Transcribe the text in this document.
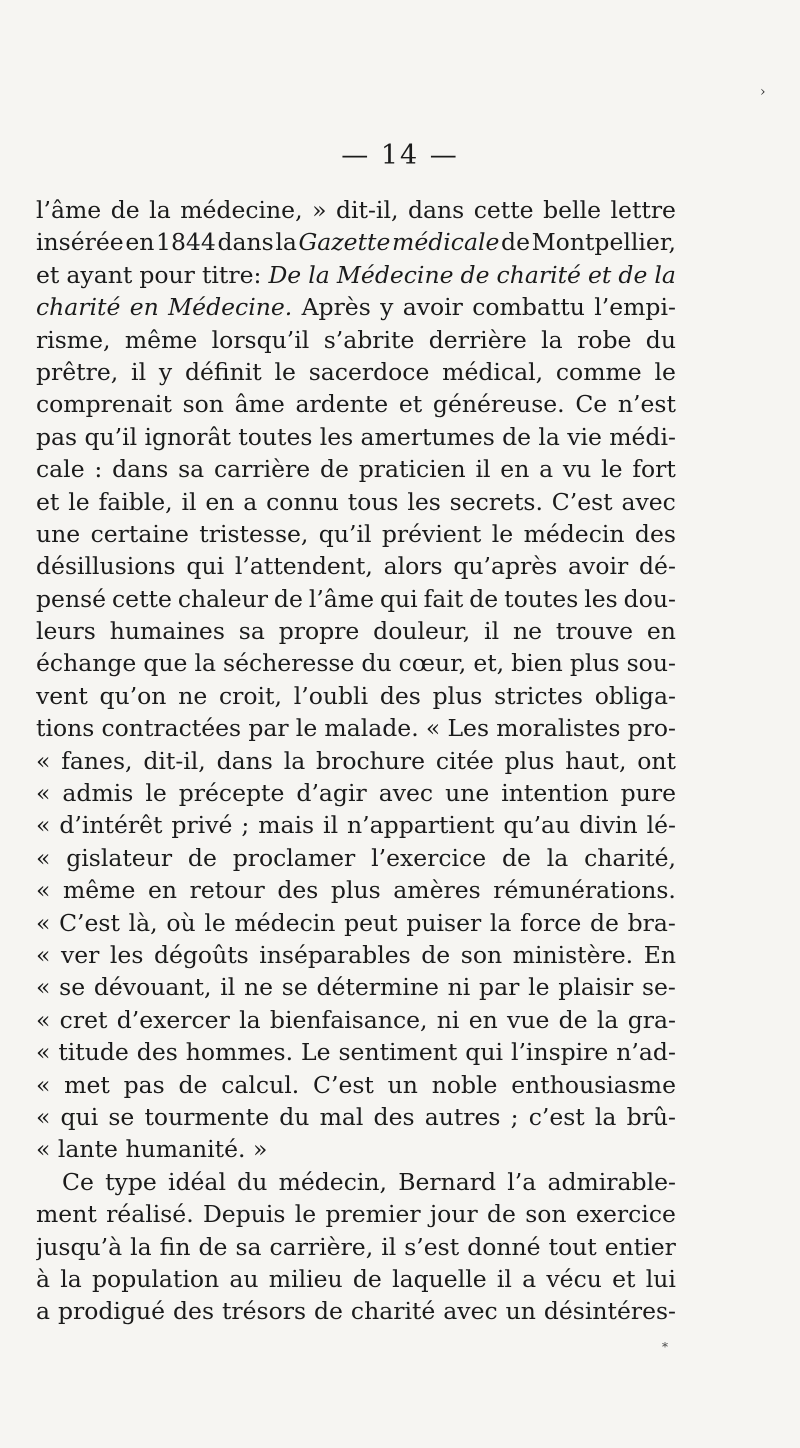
›
— 14 —
l’âme de la médecine, » dit-il, dans cette belle lettre
insérée en 1844 dans la Gazette médicale de Montpellier,
et ayant pour titre: De la Médecine de charité et de la
charité en Médecine. Après y avoir combattu l’empi-
risme, même lorsqu’il s’abrite derrière la robe du
prêtre, il y définit le sacerdoce médical, comme le
comprenait son âme ardente et généreuse. Ce n’est
pas qu’il ignorât toutes les amertumes de la vie médi-
cale : dans sa carrière de praticien il en a vu le fort
et le faible, il en a connu tous les secrets. C’est avec
une certaine tristesse, qu’il prévient le médecin des
désillusions qui l’attendent, alors qu’après avoir dé-
pensé cette chaleur de l’âme qui fait de toutes les dou-
leurs humaines sa propre douleur, il ne trouve en
échange que la sécheresse du cœur, et, bien plus sou-
vent qu’on ne croit, l’oubli des plus strictes obliga-
tions contractées par le malade. « Les moralistes pro-
« fanes, dit-il, dans la brochure citée plus haut, ont
« admis le précepte d’agir avec une intention pure
« d’intérêt privé ; mais il n’appartient qu’au divin lé-
« gislateur de proclamer l’exercice de la charité,
« même en retour des plus amères rémunérations.
« C’est là, où le médecin peut puiser la force de bra-
« ver les dégoûts inséparables de son ministère. En
« se dévouant, il ne se détermine ni par le plaisir se-
« cret d’exercer la bienfaisance, ni en vue de la gra-
« titude des hommes. Le sentiment qui l’inspire n’ad-
« met pas de calcul. C’est un noble enthousiasme
« qui se tourmente du mal des autres ; c’est la brû-
« lante humanité. »
Ce type idéal du médecin, Bernard l’a admirable-
ment réalisé. Depuis le premier jour de son exercice
jusqu’à la fin de sa carrière, il s’est donné tout entier
à la population au milieu de laquelle il a vécu et lui
a prodigué des trésors de charité avec un désintéres-
*
